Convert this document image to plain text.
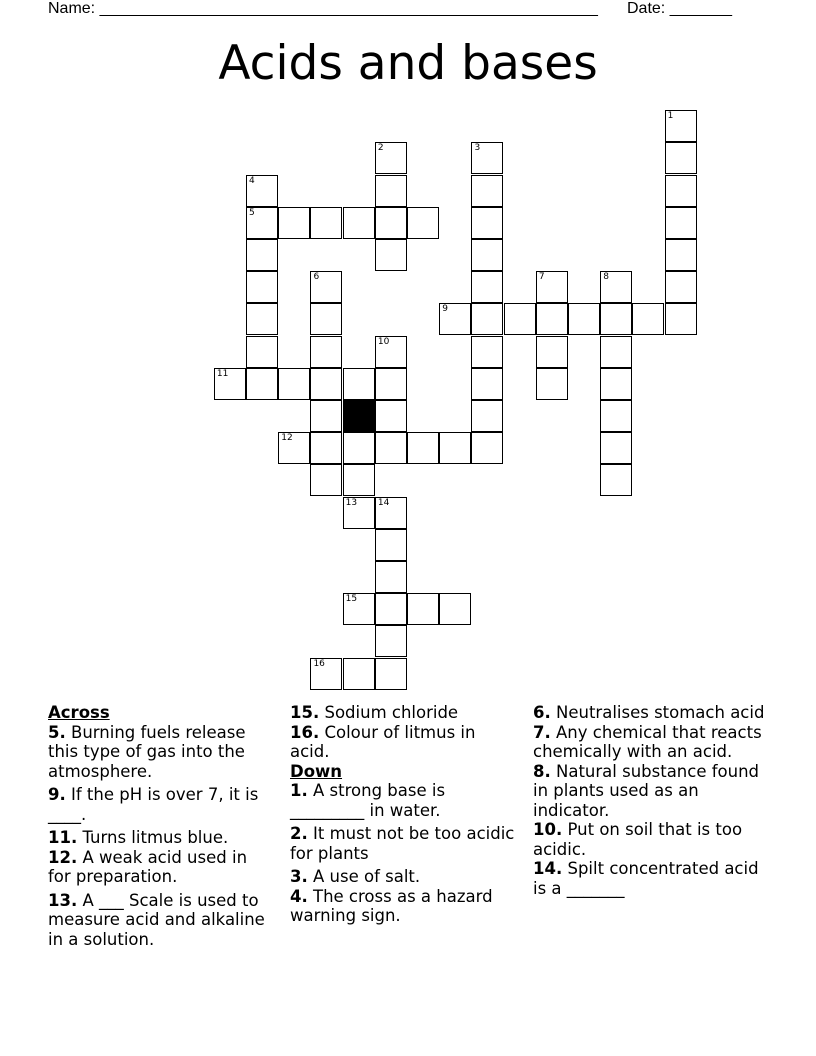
Name: ________________________________________________________ Date: _______
Acids and bases
1
2	3
4
5
6	7	8
9
10
11
12
13 14
15
16
Across
5. Burning fuels release this type of gas into the atmosphere.
9. If the pH is over 7, it is ____.
11. Turns litmus blue.
12. A weak acid used in for preparation.
13. A ___ Scale is used to measure acid and alkaline in a solution.
15. Sodium chloride
16. Colour of litmus in acid.
Down
1. A strong base is _________ in water.
2. It must not be too acidic for plants
3. A use of salt.
4. The cross as a hazard warning sign.
6. Neutralises stomach acid
7. Any chemical that reacts chemically with an acid.
8. Natural substance found in plants used as an indicator.
10. Put on soil that is too acidic.
14. Spilt concentrated acid is a _______
